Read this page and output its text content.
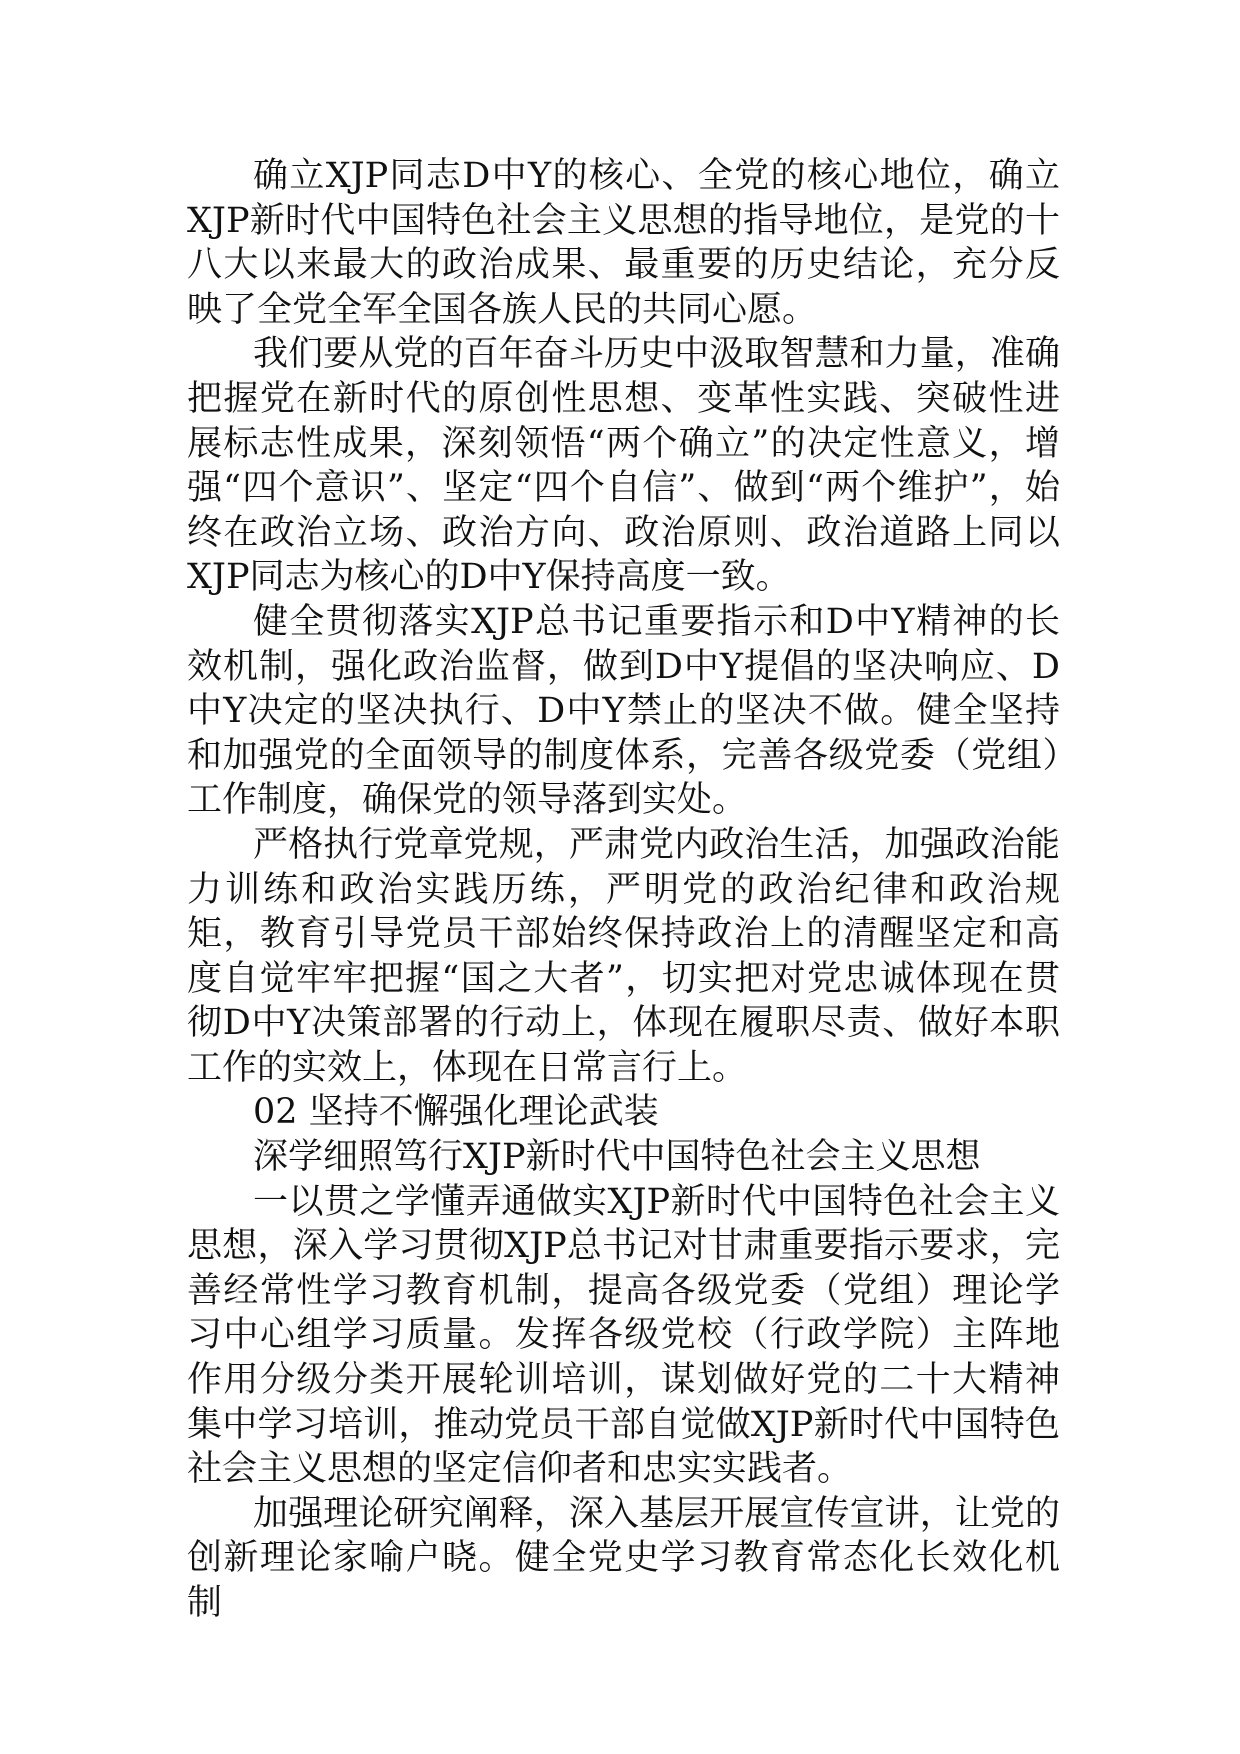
确立XJP同志D中Y的核心、全党的核心地位，确立XJP新时代中国特色社会主义思想的指导地位，是党的十八大以来最大的政治成果、最重要的历史结论，充分反映了全党全军全国各族人民的共同心愿。

我们要从党的百年奋斗历史中汲取智慧和力量，准确把握党在新时代的原创性思想、变革性实践、突破性进展标志性成果，深刻领悟“两个确立”的决定性意义，增强“四个意识”、坚定“四个自信”、做到“两个维护”，始终在政治立场、政治方向、政治原则、政治道路上同以XJP同志为核心的D中Y保持高度一致。

健全贯彻落实XJP总书记重要指示和D中Y精神的长效机制，强化政治监督，做到D中Y提倡的坚决响应、D中Y决定的坚决执行、D中Y禁止的坚决不做。健全坚持和加强党的全面领导的制度体系，完善各级党委（党组）工作制度，确保党的领导落到实处。

严格执行党章党规，严肃党内政治生活，加强政治能力训练和政治实践历练，严明党的政治纪律和政治规矩，教育引导党员干部始终保持政治上的清醒坚定和高度自觉牢牢把握“国之大者”，切实把对党忠诚体现在贯彻D中Y决策部署的行动上，体现在履职尽责、做好本职工作的实效上，体现在日常言行上。

02 坚持不懈强化理论武装

深学细照笃行XJP新时代中国特色社会主义思想

一以贯之学懂弄通做实XJP新时代中国特色社会主义思想，深入学习贯彻XJP总书记对甘肃重要指示要求，完善经常性学习教育机制，提高各级党委（党组）理论学习中心组学习质量。发挥各级党校（行政学院）主阵地作用分级分类开展轮训培训，谋划做好党的二十大精神集中学习培训，推动党员干部自觉做XJP新时代中国特色社会主义思想的坚定信仰者和忠实实践者。

加强理论研究阐释，深入基层开展宣传宣讲，让党的创新理论家喻户晓。健全党史学习教育常态化长效化机制
